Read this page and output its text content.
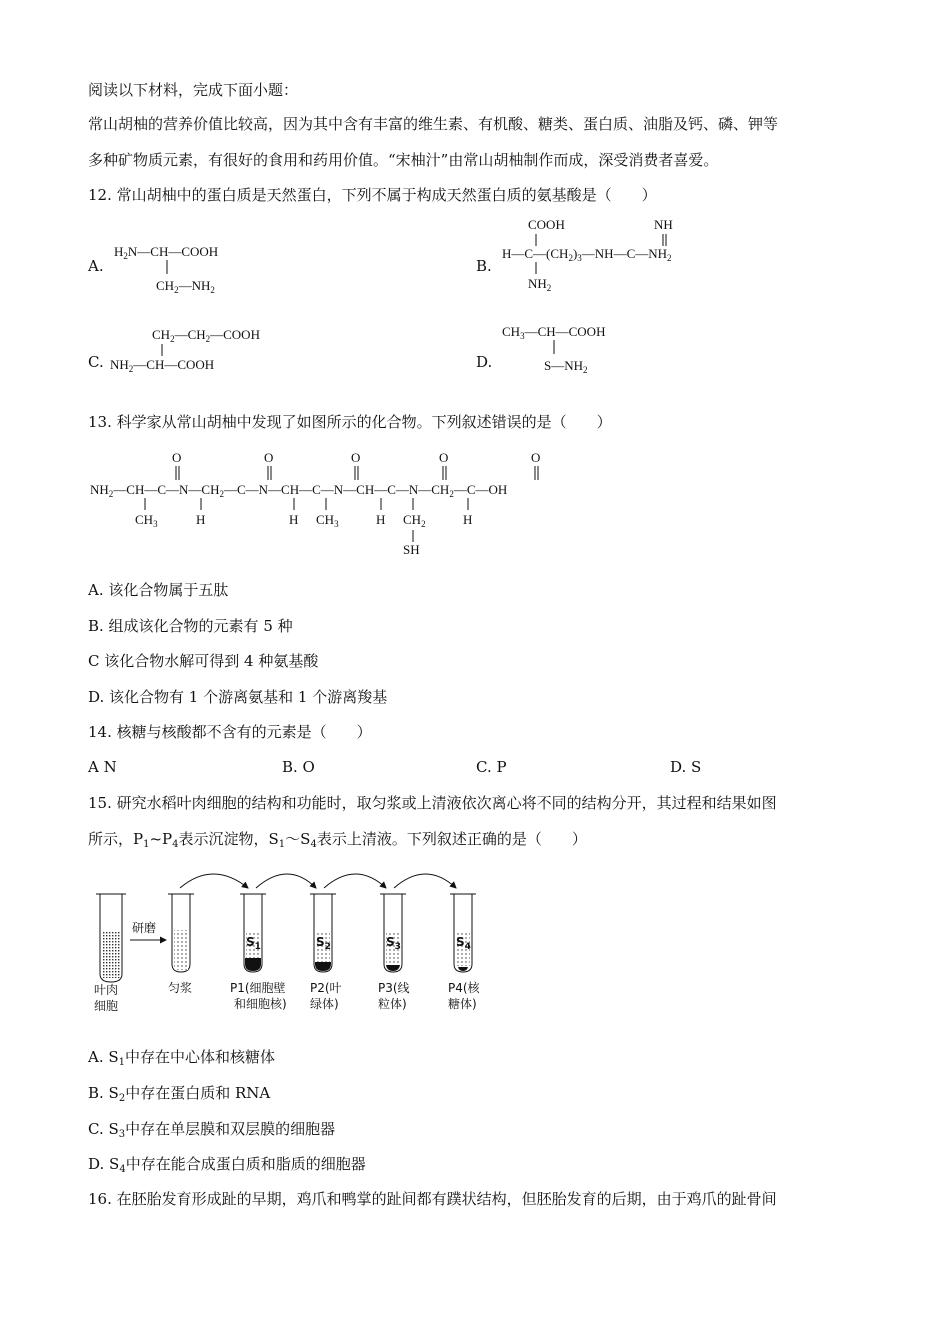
阅读以下材料，完成下面小题：
常山胡柚的营养价值比较高，因为其中含有丰富的维生素、有机酸、糖类、蛋白质、油脂及钙、磷、钾等
多种矿物质元素，有很好的食用和药用价值。“宋柚汁”由常山胡柚制作而成，深受消费者喜爱。
12. 常山胡柚中的蛋白质是天然蛋白，下列不属于构成天然蛋白质的氨基酸是（　　）
A.
$H_2N—CH—COOH$
$CH_2—NH_2$
B.
COOH
$H—C—(CH_2)_3—NH—C—NH_2$
$NH_2$
NH
C.
$CH_2—CH_2—COOH$
$NH_2—CH—COOH$	D.
$CH_3—CH—COOH$
$S—NH_2$
13. 科学家从常山胡柚中发现了如图所示的化合物。下列叙述错误的是（　　）
O	O	O	O	O
$NH_2—CH—C—N—CH_2—C—N—CH—C—N—CH—C—N—CH_2—C—OH$
$CH_3$	H	H $CH_3$	H $CH_2$	H
SH
A. 该化合物属于五肽
B. 组成该化合物的元素有 5 种
C 该化合物水解可得到 4 种氨基酸
D. 该化合物有 1 个游离氨基和 1 个游离羧基
14. 核糖与核酸都不含有的元素是（　　）
A N	B. O	C. P	D. S
15. 研究水稻叶肉细胞的结构和功能时，取匀浆或上清液依次离心将不同的结构分开，其过程和结果如图
所示，$P_1\sim P_4$表示沉淀物，$S_1\sim S_4$表示上清液。下列叙述正确的是（　　）
研磨
$S_1$	$S_2$	$S_3$	$S_4$
叶肉
细胞
匀浆	P1(细胞壁
和细胞核)
P2(叶
绿体)
P3(线
粒体)
P4(核
糖体)
A. $S_1$中存在中心体和核糖体
B. $S_2$中存在蛋白质和 RNA
C. $S_3$中存在单层膜和双层膜的细胞器
D. $S_4$中存在能合成蛋白质和脂质的细胞器
16. 在胚胎发育形成趾的早期，鸡爪和鸭掌的趾间都有蹼状结构，但胚胎发育的后期，由于鸡爪的趾骨间
